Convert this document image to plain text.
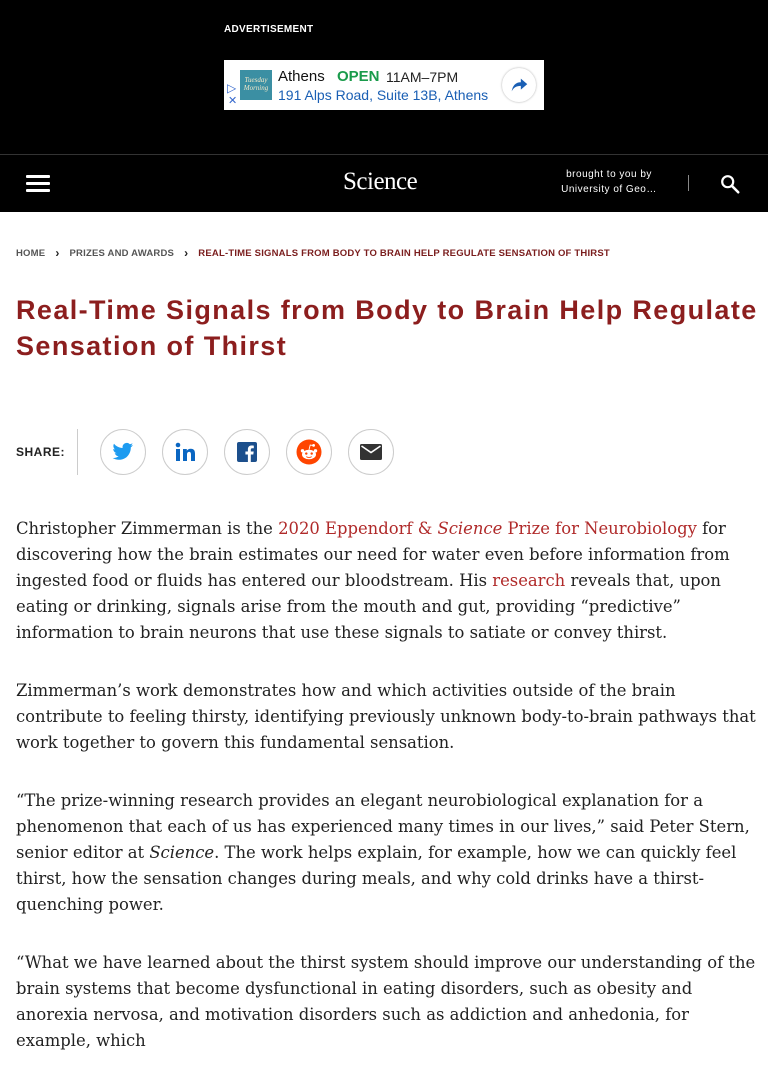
ADVERTISEMENT
▷
✕
Tuesday Morning
Athens OPEN 11AM–7PM
191 Alps Road, Suite 13B, Athens
Science	brought to you by
University of Geo…
HOME › PRIZES AND AWARDS › REAL-TIME SIGNALS FROM BODY TO BRAIN HELP REGULATE SENSATION OF THIRST
Real-Time Signals from Body to Brain Help Regulate Sensation of Thirst
SHARE:

Christopher Zimmerman is the 2020 Eppendorf & Science Prize for Neurobiology for discovering how the brain estimates our need for water even before information from ingested food or fluids has entered our bloodstream. His research reveals that, upon eating or drinking, signals arise from the mouth and gut, providing “predictive” information to brain neurons that use these signals to satiate or convey thirst.

Zimmerman’s work demonstrates how and which activities outside of the brain contribute to feeling thirsty, identifying previously unknown body-to-brain pathways that work together to govern this fundamental sensation.

“The prize-winning research provides an elegant neurobiological explanation for a phenomenon that each of us has experienced many times in our lives,” said Peter Stern, senior editor at Science. The work helps explain, for example, how we can quickly feel thirst, how the sensation changes during meals, and why cold drinks have a thirst-quenching power.

“What we have learned about the thirst system should improve our understanding of the brain systems that become dysfunctional in eating disorders, such as obesity and anorexia nervosa, and motivation disorders such as addiction and anhedonia, for example, which
